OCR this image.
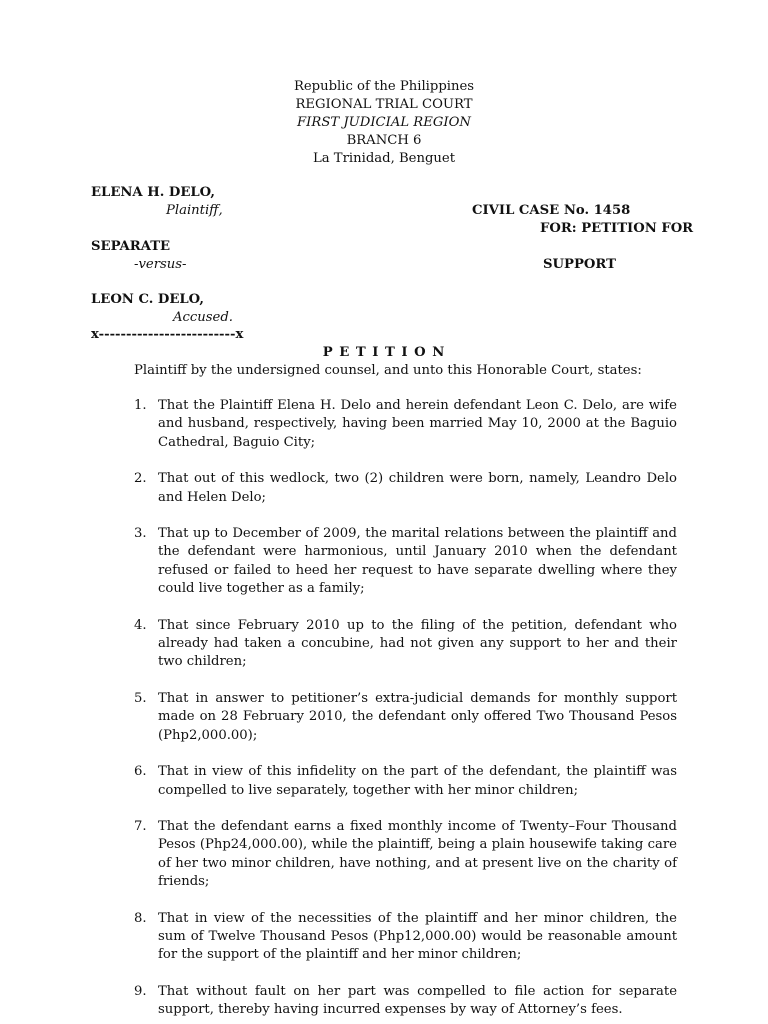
Republic of the Philippines
REGIONAL TRIAL COURT
FIRST JUDICIAL REGION
BRANCH 6
La Trinidad, Benguet
ELENA H. DELO,
Plaintiff,	CIVIL CASE No. 1458
FOR: PETITION FOR
SEPARATE
-versus-	SUPPORT
LEON C. DELO,
Accused.
x-------------------------x
P E T I T I O N
Plaintiff by the undersigned counsel, and unto this Honorable Court, states:
1. That the Plaintiff Elena H. Delo and herein defendant Leon C. Delo, are wife and husband, respectively, having been married May 10, 2000 at the Baguio Cathedral, Baguio City;
2. That out of this wedlock, two (2) children were born, namely, Leandro Delo and Helen Delo;
3. That up to December of 2009, the marital relations between the plaintiff and the defendant were harmonious, until January 2010 when the defendant refused or failed to heed her request to have separate dwelling where they could live together as a family;
4. That since February 2010 up to the filing of the petition, defendant who already had taken a concubine, had not given any support to her and their two children;
5. That in answer to petitioner’s extra-judicial demands for monthly support made on 28 February 2010, the defendant only offered Two Thousand Pesos (Php2,000.00);
6. That in view of this infidelity on the part of the defendant, the plaintiff was compelled to live separately, together with her minor children;
7. That the defendant earns a fixed monthly income of Twenty–Four Thousand Pesos (Php24,000.00), while the plaintiff, being a plain housewife taking care of her two minor children, have nothing, and at present live on the charity of friends;
8. That in view of the necessities of the plaintiff and her minor children, the sum of Twelve Thousand Pesos (Php12,000.00) would be reasonable amount for the support of the plaintiff and her minor children;
9. That without fault on her part was compelled to file action for separate support, thereby having incurred expenses by way of Attorney’s fees.
